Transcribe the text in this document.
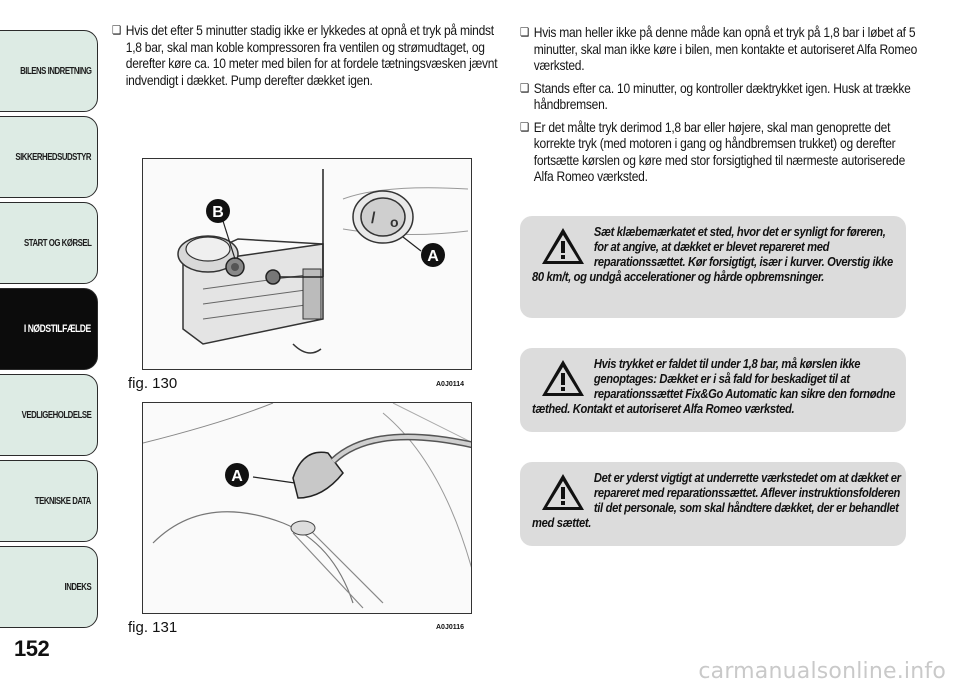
BILENS INDRETNING
SIKKERHEDSUDSTYR
START OG KØRSEL
I NØDSTILFÆLDE
VEDLIGEHOLDELSE
TEKNISKE DATA
INDEKS
152
❏ Hvis det efter 5 minutter stadig ikke er lykkedes at opnå et tryk på mindst 1,8 bar, skal man koble kompressoren fra ventilen og strømudtaget, og derefter køre ca. 10 meter med bilen for at fordele tætningsvæsken jævnt indvendigt i dækket. Pump derefter dækket igen.
/ o
B
A
fig. 130	A0J0114
A
fig. 131	A0J0116
❏ Hvis man heller ikke på denne måde kan opnå et tryk på 1,8 bar i løbet af 5 minutter, skal man ikke køre i bilen, men kontakte et autoriseret Alfa Romeo værksted.
❏ Stands efter ca. 10 minutter, og kontroller dæktrykket igen. Husk at trække håndbremsen.
❏ Er det målte tryk derimod 1,8 bar eller højere, skal man genoprette det korrekte tryk (med motoren i gang og håndbremsen trukket) og derefter fortsætte kørslen og køre med stor forsigtighed til nærmeste autoriserede Alfa Romeo værksted.
Sæt klæbemærkatet et sted, hvor det er synligt for føreren, for at angive, at dækket er blevet repareret med reparationssættet. Kør forsigtigt, især i kurver. Overstig ikke 80 km/t, og undgå accelerationer og hårde opbremsninger.
Hvis trykket er faldet til under 1,8 bar, må kørslen ikke genoptages: Dækket er i så fald for beskadiget til at reparationssættet Fix&Go Automatic kan sikre den fornødne tæthed. Kontakt et autoriseret Alfa Romeo værksted.
Det er yderst vigtigt at underrette værkstedet om at dækket er repareret med reparationssættet. Aflever instruktionsfolderen til det personale, som skal håndtere dækket, der er behandlet med sættet.
carmanualsonline.info
